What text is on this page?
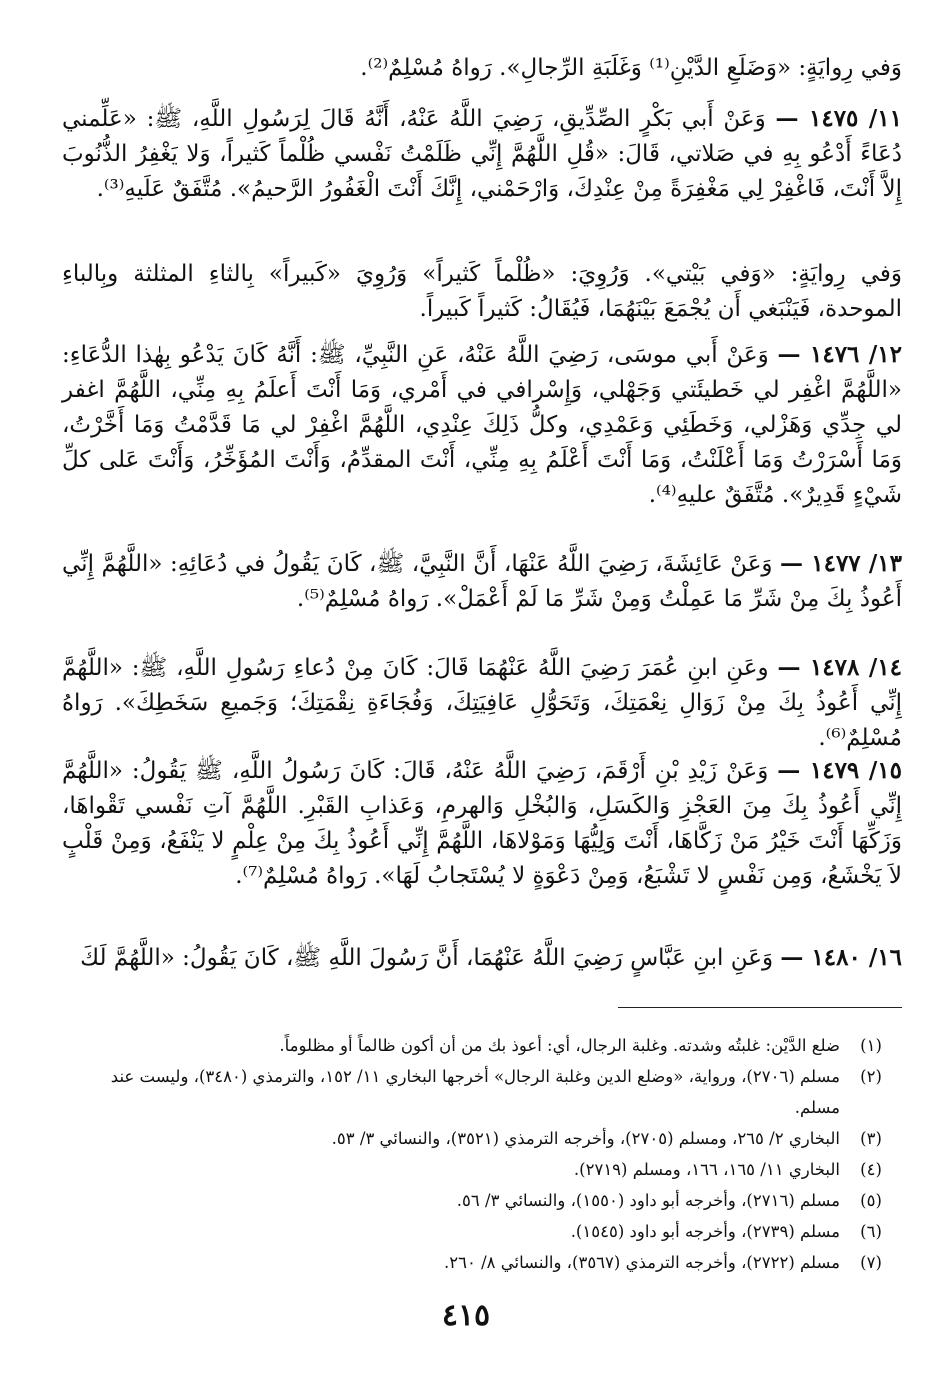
وَفي رِوايَةٍ: «وَضَلَعِ الدَّيْنِ⁽¹⁾ وَغَلَبَةِ الرِّجالِ». رَواهُ مُسْلِمٌ⁽²⁾.

١١/ ١٤٧٥ — وَعَنْ أَبي بَكْرٍ الصِّدِّيقِ، رَضِيَ اللَّهُ عَنْهُ، أَنَّهُ قَالَ لِرَسُولِ اللَّهِ، ﷺ: «عَلِّمني دُعَاءً أَدْعُو بِهِ في صَلاتي، قَالَ: «قُلِ اللَّهُمَّ إِنِّي ظَلَمْتُ نَفْسي ظُلْماً كَثيراً، وَلا يَغْفِرُ الذُّنُوبَ إِلاَّ أَنْتَ، فَاغْفِرْ لِي مَغْفِرَةً مِنْ عِنْدِكَ، وَارْحَمْني، إِنَّكَ أَنْتَ الْغَفُورُ الرَّحيمُ». مُتَّفَقٌ عَلَيهِ⁽³⁾.

وَفي رِوايَةٍ: «وَفي بَيْتي». وَرُوِيَ: «ظُلْماً كَثيراً» وَرُوِيَ «كَبيراً» بِالثاءِ المثلثة وبِالباءِ الموحدة، فَيَنْبَغي أَن يُجْمَعَ بَيْنَهُمَا، فَيُقَالُ: كَثيراً كَبيراً.

١٢/ ١٤٧٦ — وَعَنْ أَبي موسَى، رَضِيَ اللَّهُ عَنْهُ، عَنِ النَّبِيِّ، ﷺ: أَنَّهُ كَانَ يَدْعُو بِهٰذا الدُّعَاءِ: «اللَّهُمَّ اغْفِر لي خَطيئَتي وَجَهْلي، وَإِسْرافي في أَمْري، وَمَا أَنْتَ أَعلَمُ بِهِ مِنِّي، اللَّهُمَّ اغفر لي جِدِّي وَهَزْلي، وَخَطَئِي وَعَمْدِي، وكلُّ ذَلِكَ عِنْدِي، اللَّهُمَّ اغْفِرْ لي مَا قَدَّمْتُ وَمَا أَخَّرْتُ، وَمَا أَسْرَرْتُ وَمَا أَعْلَنْتُ، وَمَا أَنْتَ أَعْلَمُ بِهِ مِنِّي، أَنْتَ المقدِّمُ، وَأَنْتَ المُؤَخِّرُ، وَأَنْتَ عَلى كلِّ شَيْءٍ قَدِيرٌ». مُتَّفَقٌ عليهِ⁽⁴⁾.
١٣/ ١٤٧٧ — وَعَنْ عَائِشَةَ، رَضِيَ اللَّهُ عَنْهَا، أَنَّ النَّبِيَّ، ﷺ، كَانَ يَقُولُ في دُعَائِهِ: «اللَّهُمَّ إِنِّي أَعُوذُ بِكَ مِنْ شَرِّ مَا عَمِلْتُ وَمِنْ شَرِّ مَا لَمْ أَعْمَلْ». رَواهُ مُسْلِمٌ⁽⁵⁾.
١٤/ ١٤٧٨ — وعَنِ ابنِ عُمَرَ رَضِيَ اللَّهُ عَنْهُمَا قَالَ: كَانَ مِنْ دُعاءِ رَسُولِ اللَّهِ، ﷺ: «اللَّهُمَّ إِنِّي أَعُوذُ بِكَ مِنْ زَوَالِ نِعْمَتِكَ، وَتَحَوُّلِ عَافِيَتِكَ، وَفُجَاءَةِ نِقْمَتِكَ؛ وَجَميعِ سَخَطِكَ». رَواهُ مُسْلِمٌ⁽⁶⁾.
١٥/ ١٤٧٩ — وَعَنْ زَيْدِ بْنِ أَرْقَمَ، رَضِيَ اللَّهُ عَنْهُ، قَالَ: كَانَ رَسُولُ اللَّهِ، ﷺ يَقُولُ: «اللَّهُمَّ إِنِّي أَعُوذُ بِكَ مِنَ العَجْزِ وَالكَسَلِ، وَالبُخْلِ وَالهرمِ، وَعَذابِ القَبْرِ. اللَّهُمَّ آتِ نَفْسي تَقْواهَا، وَزَكِّهَا أَنْتَ خَيْرُ مَنْ زَكَّاهَا، أَنْتَ وَلِيُّهَا وَمَوْلاهَا، اللَّهُمَّ إِنِّي أَعُوذُ بِكَ مِنْ عِلْمٍ لا يَنْفَعُ، وَمِنْ قَلْبٍ لاَ يَخْشَعُ، وَمِن نَفْسٍ لا تَشْبَعُ، وَمِنْ دَعْوَةٍ لا يُسْتَجابُ لَهَا». رَواهُ مُسْلِمٌ⁽⁷⁾.
١٦/ ١٤٨٠ — وَعَنِ ابنِ عَبَّاسٍ رَضِيَ اللَّهُ عَنْهُمَا، أَنَّ رَسُولَ اللَّهِ ﷺ، كَانَ يَقُولُ: «اللَّهُمَّ لَكَ
(١)
ضلع الدَّيْن: غلبتُه وشدته. وغلبة الرجال، أي: أعوذ بك من أن أكون ظالماً أو مظلوماً.
(٢)
مسلم (٢٧٠٦)، ورواية، «وضلع الدين وغلبة الرجال» أخرجها البخاري ١١/ ١٥٢، والترمذي (٣٤٨٠)، وليست عند مسلم.
(٣)
البخاري ٢/ ٢٦٥، ومسلم (٢٧٠٥)، وأخرجه الترمذي (٣٥٢١)، والنسائي ٣/ ٥٣.
(٤)
البخاري ١١/ ١٦٥، ١٦٦، ومسلم (٢٧١٩).
(٥)
مسلم (٢٧١٦)، وأخرجه أبو داود (١٥٥٠)، والنسائي ٣/ ٥٦.
(٦)
مسلم (٢٧٣٩)، وأخرجه أبو داود (١٥٤٥).
(٧)
مسلم (٢٧٢٢)، وأخرجه الترمذي (٣٥٦٧)، والنسائي ٨/ ٢٦٠.
٤١٥
